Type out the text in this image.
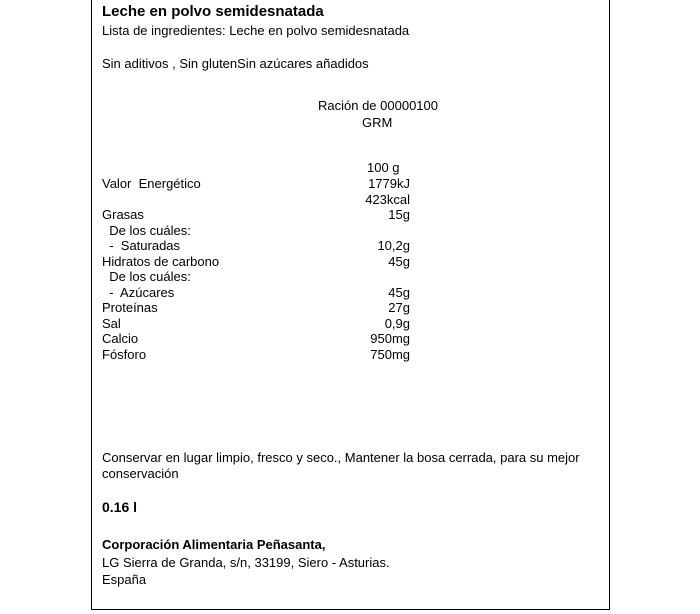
Leche en polvo semidesnatada
Lista de ingredientes: Leche en polvo semidesnatada
Sin aditivos , Sin glutenSin azúcares añadidos
Ración de 00000100
GRM
100 g
Valor  Energético	1779kJ
423kcal
Grasas	15g
De los cuáles:
-  Saturadas	10,2g
Hidratos de carbono	45g
De los cuáles:
-  Azúcares	45g
Proteínas	27g
Sal	0,9g
Calcio	950mg
Fósforo	750mg
Conservar en lugar limpio, fresco y seco., Mantener la bosa cerrada, para su mejor
conservación
0.16 l
Corporación Alimentaria Peñasanta,
LG Sierra de Granda, s/n, 33199, Siero - Asturias.
España
